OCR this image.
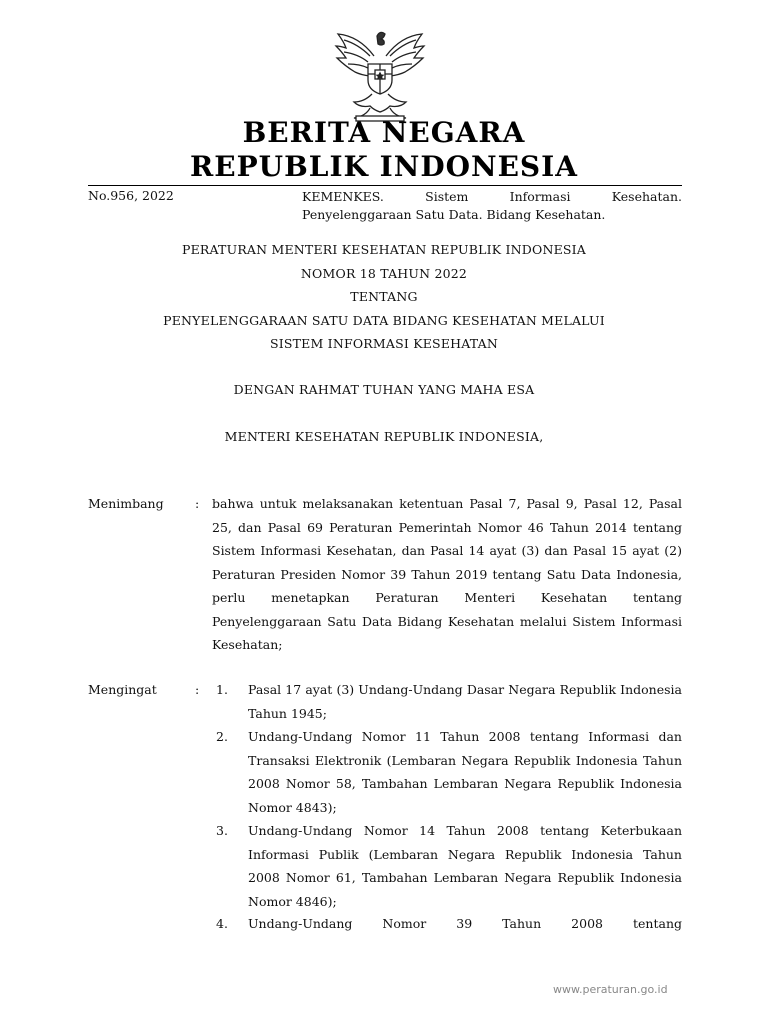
BERITA NEGARA
REPUBLIK INDONESIA
No.956, 2022	KEMENKES.	Sistem	Informasi	Kesehatan.
Penyelenggaraan Satu Data. Bidang Kesehatan.
PERATURAN MENTERI KESEHATAN REPUBLIK INDONESIA
NOMOR 18 TAHUN 2022
TENTANG
PENYELENGGARAAN SATU DATA BIDANG KESEHATAN MELALUI
SISTEM INFORMASI KESEHATAN
DENGAN RAHMAT TUHAN YANG MAHA ESA
MENTERI KESEHATAN REPUBLIK INDONESIA,
Menimbang	: bahwa untuk melaksanakan ketentuan Pasal 7, Pasal 9, Pasal 12, Pasal 25, dan Pasal 69 Peraturan Pemerintah Nomor 46 Tahun 2014 tentang Sistem Informasi Kesehatan, dan Pasal 14 ayat (3) dan Pasal 15 ayat (2) Peraturan Presiden Nomor 39 Tahun 2019 tentang Satu Data Indonesia, perlu menetapkan Peraturan Menteri Kesehatan tentang Penyelenggaraan Satu Data Bidang Kesehatan melalui Sistem Informasi Kesehatan;
Mengingat	: 1. Pasal 17 ayat (3) Undang-Undang Dasar Negara Republik Indonesia Tahun 1945;
2. Undang-Undang Nomor 11 Tahun 2008 tentang Informasi dan Transaksi Elektronik (Lembaran Negara Republik Indonesia Tahun 2008 Nomor 58, Tambahan Lembaran Negara Republik Indonesia Nomor 4843);
3. Undang-Undang Nomor 14 Tahun 2008 tentang Keterbukaan Informasi Publik (Lembaran Negara Republik Indonesia Tahun 2008 Nomor 61, Tambahan Lembaran Negara Republik Indonesia Nomor 4846);
4. Undang-Undang Nomor 39 Tahun 2008 tentang
www.peraturan.go.id
